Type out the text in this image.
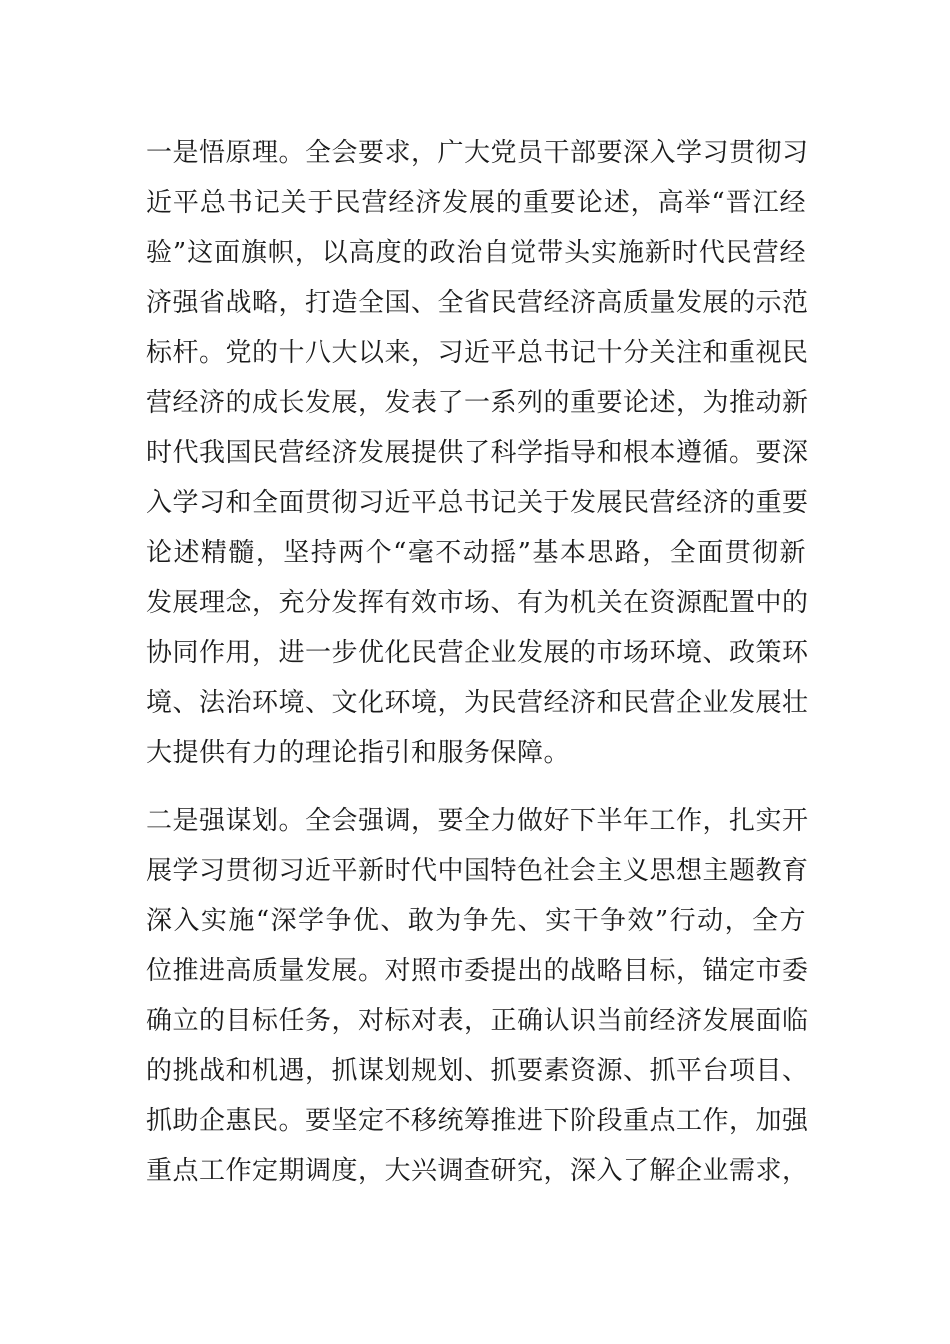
一是悟原理。全会要求，广大党员干部要深入学习贯彻习
近平总书记关于民营经济发展的重要论述，高举“晋江经
验”这面旗帜，以高度的政治自觉带头实施新时代民营经
济强省战略，打造全国、全省民营经济高质量发展的示范
标杆。党的十八大以来，习近平总书记十分关注和重视民
营经济的成长发展，发表了一系列的重要论述，为推动新
时代我国民营经济发展提供了科学指导和根本遵循。要深
入学习和全面贯彻习近平总书记关于发展民营经济的重要
论述精髓，坚持两个“毫不动摇”基本思路，全面贯彻新
发展理念，充分发挥有效市场、有为机关在资源配置中的
协同作用，进一步优化民营企业发展的市场环境、政策环
境、法治环境、文化环境，为民营经济和民营企业发展壮
大提供有力的理论指引和服务保障。
二是强谋划。全会强调，要全力做好下半年工作，扎实开
展学习贯彻习近平新时代中国特色社会主义思想主题教育
深入实施“深学争优、敢为争先、实干争效”行动，全方
位推进高质量发展。对照市委提出的战略目标，锚定市委
确立的目标任务，对标对表，正确认识当前经济发展面临
的挑战和机遇，抓谋划规划、抓要素资源、抓平台项目、
抓助企惠民。要坚定不移统筹推进下阶段重点工作，加强
重点工作定期调度，大兴调查研究，深入了解企业需求，
